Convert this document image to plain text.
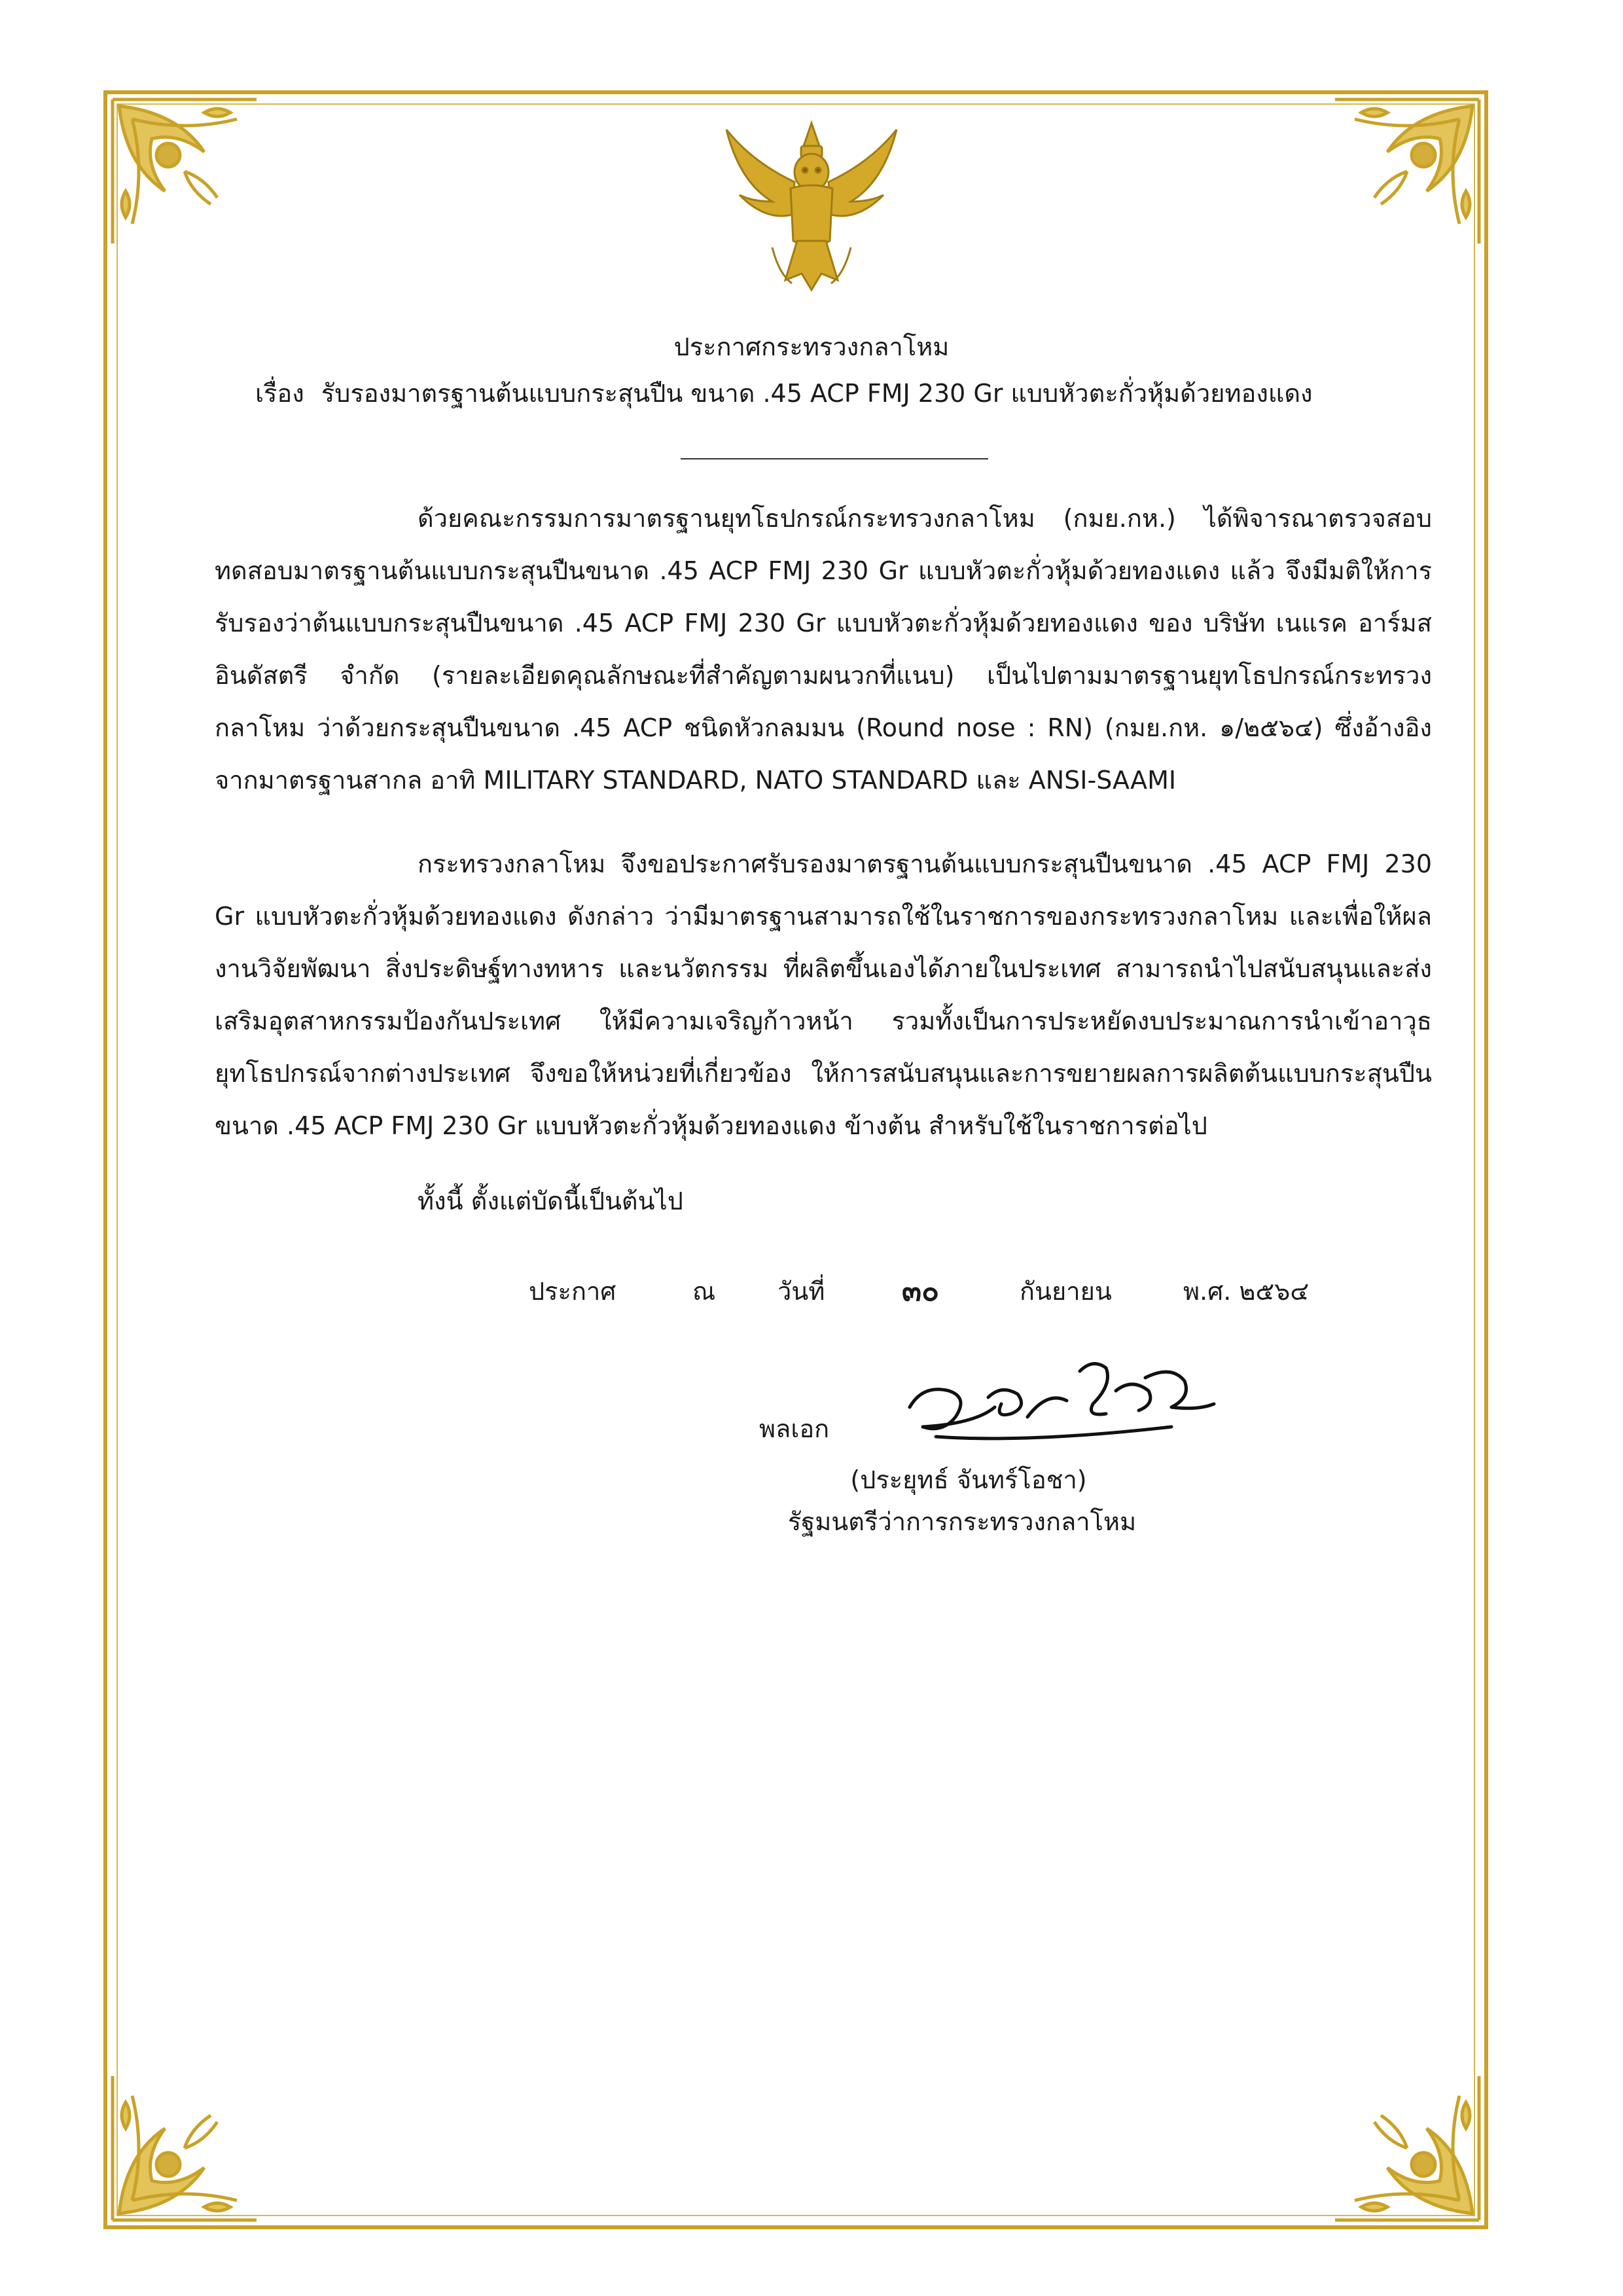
ประกาศกระทรวงกลาโหม
เรื่อง รับรองมาตรฐานต้นแบบกระสุนปืน ขนาด .45 ACP FMJ 230 Gr แบบหัวตะกั่วหุ้มด้วยทองแดง

ด้วยคณะกรรมการมาตรฐานยุทโธปกรณ์กระทรวงกลาโหม (กมย.กห.) ได้พิจารณาตรวจสอบทดสอบมาตรฐานต้นแบบกระสุนปืนขนาด .45 ACP FMJ 230 Gr แบบหัวตะกั่วหุ้มด้วยทองแดง แล้ว จึงมีมติให้การรับรองว่าต้นแบบกระสุนปืนขนาด .45 ACP FMJ 230 Gr แบบหัวตะกั่วหุ้มด้วยทองแดง ของ บริษัท เนแรค อาร์มส อินดัสตรี จำกัด (รายละเอียดคุณลักษณะที่สำคัญตามผนวกที่แนบ) เป็นไปตามมาตรฐานยุทโธปกรณ์กระทรวงกลาโหม ว่าด้วยกระสุนปืนขนาด .45 ACP ชนิดหัวกลมมน (Round nose : RN) (กมย.กห. ๑/๒๕๖๔) ซึ่งอ้างอิงจากมาตรฐานสากล อาทิ MILITARY STANDARD, NATO STANDARD และ ANSI-SAAMI

กระทรวงกลาโหม จึงขอประกาศรับรองมาตรฐานต้นแบบกระสุนปืนขนาด .45 ACP FMJ 230 Gr แบบหัวตะกั่วหุ้มด้วยทองแดง ดังกล่าว ว่ามีมาตรฐานสามารถใช้ในราชการของกระทรวงกลาโหม และเพื่อให้ผลงานวิจัยพัฒนา สิ่งประดิษฐ์ทางทหาร และนวัตกรรม ที่ผลิตขึ้นเองได้ภายในประเทศ สามารถนำไปสนับสนุนและส่งเสริมอุตสาหกรรมป้องกันประเทศ ให้มีความเจริญก้าวหน้า รวมทั้งเป็นการประหยัดงบประมาณการนำเข้าอาวุธยุทโธปกรณ์จากต่างประเทศ จึงขอให้หน่วยที่เกี่ยวข้อง ให้การสนับสนุนและการขยายผลการผลิตต้นแบบกระสุนปืนขนาด .45 ACP FMJ 230 Gr แบบหัวตะกั่วหุ้มด้วยทองแดง ข้างต้น สำหรับใช้ในราชการต่อไป

ทั้งนี้ ตั้งแต่บัดนี้เป็นต้นไป

ประกาศ	ณ วันที่	๓๐	กันยายน	พ.ศ. ๒๕๖๔
พลเอก
(ประยุทธ์ จันทร์โอชา)
รัฐมนตรีว่าการกระทรวงกลาโหม
